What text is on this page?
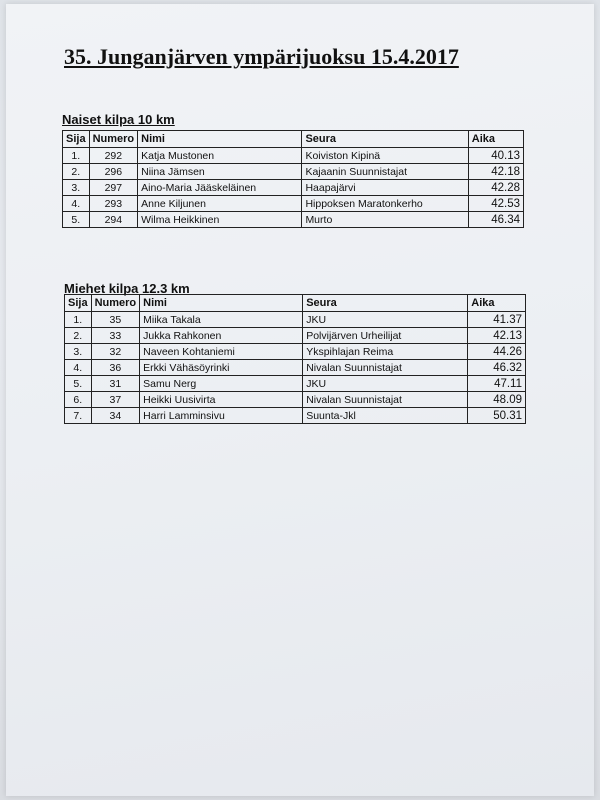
35. Junganjärven ympärijuoksu 15.4.2017
Naiset kilpa 10 km
Sija	Numero	Nimi	Seura	Aika
1.	292	Katja Mustonen	Koiviston Kipinä	40.13
2.	296	Niina Jämsen	Kajaanin Suunnistajat	42.18
3.	297	Aino-Maria Jääskeläinen	Haapajärvi	42.28
4.	293	Anne Kiljunen	Hippoksen Maratonkerho	42.53
5.	294	Wilma Heikkinen	Murto	46.34
Miehet kilpa 12.3 km
Sija	Numero	Nimi	Seura	Aika
1.	35	Miika Takala	JKU	41.37
2.	33	Jukka Rahkonen	Polvijärven Urheilijat	42.13
3.	32	Naveen Kohtaniemi	Ykspihlajan Reima	44.26
4.	36	Erkki Vähäsöyrinki	Nivalan Suunnistajat	46.32
5.	31	Samu Nerg	JKU	47.11
6.	37	Heikki Uusivirta	Nivalan Suunnistajat	48.09
7.	34	Harri Lamminsivu	Suunta-Jkl	50.31
